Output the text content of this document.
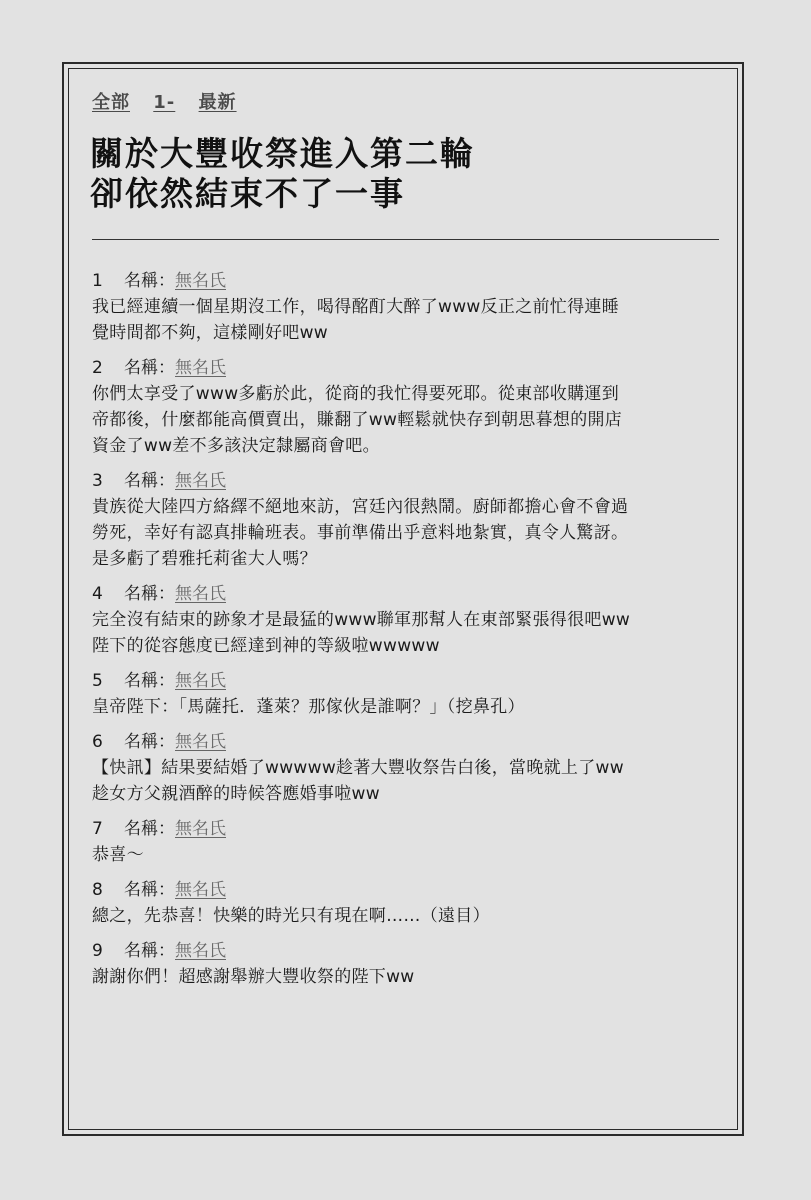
全部 1- 最新
關於大豐收祭進入第二輪
卻依然結束不了一事
1 名稱：無名氏
我已經連續一個星期沒工作，喝得酩酊大醉了www反正之前忙得連睡
覺時間都不夠，這樣剛好吧ww
2 名稱：無名氏
你們太享受了www多虧於此，從商的我忙得要死耶。從東部收購運到
帝都後，什麼都能高價賣出，賺翻了ww輕鬆就快存到朝思暮想的開店
資金了ww差不多該決定隸屬商會吧。
3 名稱：無名氏
貴族從大陸四方絡繹不絕地來訪，宮廷內很熱鬧。廚師都擔心會不會過
勞死，幸好有認真排輪班表。事前準備出乎意料地紮實，真令人驚訝。
是多虧了碧雅托莉雀大人嗎？
4 名稱：無名氏
完全沒有結束的跡象才是最猛的www聯軍那幫人在東部緊張得很吧ww
陛下的從容態度已經達到神的等級啦wwwww
5 名稱：無名氏
皇帝陛下：「馬薩托．蓬萊？那傢伙是誰啊？」（挖鼻孔）
6 名稱：無名氏
【快訊】結果要結婚了wwwww趁著大豐收祭告白後，當晚就上了ww
趁女方父親酒醉的時候答應婚事啦ww
7 名稱：無名氏
恭喜～
8 名稱：無名氏
總之，先恭喜！快樂的時光只有現在啊……（遠目）
9 名稱：無名氏
謝謝你們！超感謝舉辦大豐收祭的陛下ww
